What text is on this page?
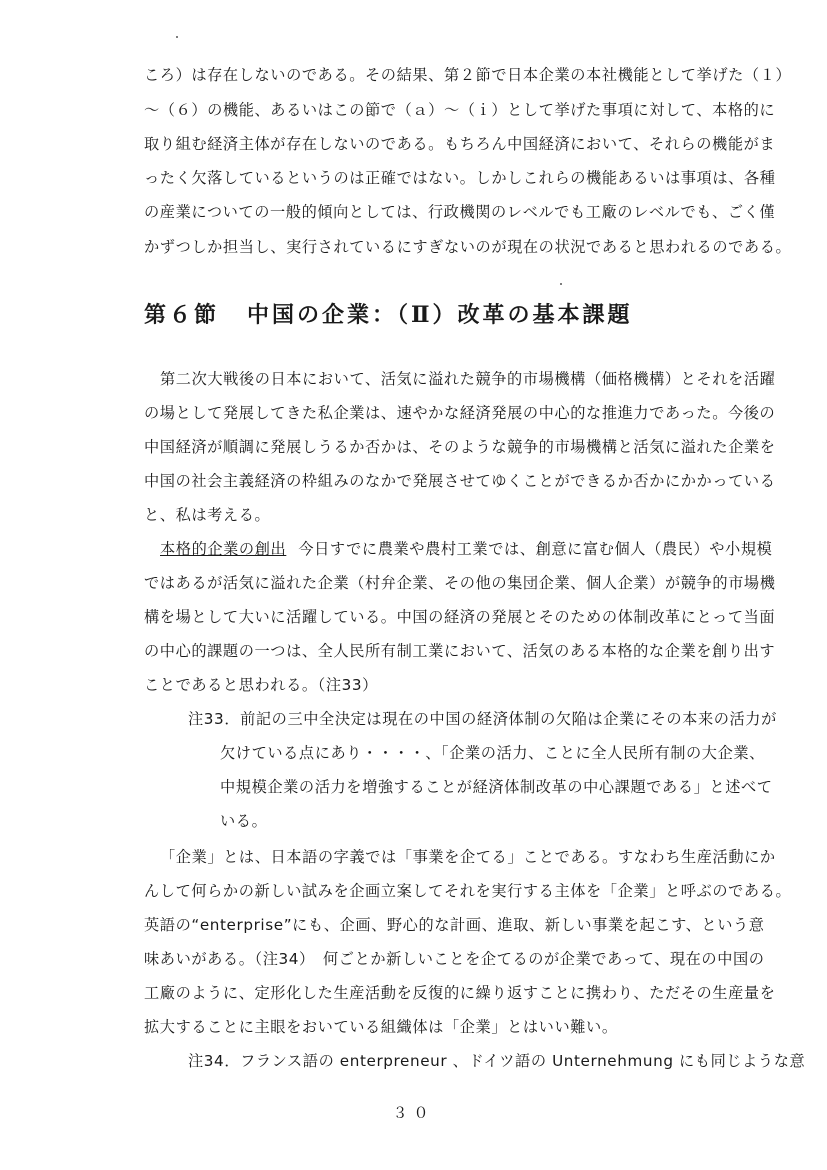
ころ）は存在しないのである。その結果、第２節で日本企業の本社機能として挙げた（１）
～（６）の機能、あるいはこの節で（ａ）～（ｉ）として挙げた事項に対して、本格的に
取り組む経済主体が存在しないのである。もちろん中国経済において、それらの機能がま
ったく欠落しているというのは正確ではない。しかしこれらの機能あるいは事項は、各種
の産業についての一般的傾向としては、行政機関のレベルでも工廠のレベルでも、ごく僅
かずつしか担当し、実行されているにすぎないのが現在の状況であると思われるのである。
第６節 中国の企業：（Ⅱ）改革の基本課題
第二次大戦後の日本において、活気に溢れた競争的市場機構（価格機構）とそれを活躍
の場として発展してきた私企業は、速やかな経済発展の中心的な推進力であった。今後の
中国経済が順調に発展しうるか否かは、そのような競争的市場機構と活気に溢れた企業を
中国の社会主義経済の枠組みのなかで発展させてゆくことができるか否かにかかっている
と、私は考える。
本格的企業の創出 今日すでに農業や農村工業では、創意に富む個人（農民）や小規模
ではあるが活気に溢れた企業（村弁企業、その他の集団企業、個人企業）が競争的市場機
構を場として大いに活躍している。中国の経済の発展とそのための体制改革にとって当面
の中心的課題の一つは、全人民所有制工業において、活気のある本格的な企業を創り出す
ことであると思われる。（注33）
注33．前記の三中全決定は現在の中国の経済体制の欠陥は企業にその本来の活力が
欠けている点にあり・・・・、「企業の活力、ことに全人民所有制の大企業、
中規模企業の活力を増強することが経済体制改革の中心課題である」と述べて
いる。
「企業」とは、日本語の字義では「事業を企てる」ことである。すなわち生産活動にか
んして何らかの新しい試みを企画立案してそれを実行する主体を「企業」と呼ぶのである。
英語の“enterprise”にも、企画、野心的な計画、進取、新しい事業を起こす、という意
味あいがある。（注34）　何ごとか新しいことを企てるのが企業であって、現在の中国の
工廠のように、定形化した生産活動を反復的に繰り返すことに携わり、ただその生産量を
拡大することに主眼をおいている組織体は「企業」とはいい難い。
注34．フランス語の enterpreneur 、ドイツ語の Unternehmung にも同じような意
３０
